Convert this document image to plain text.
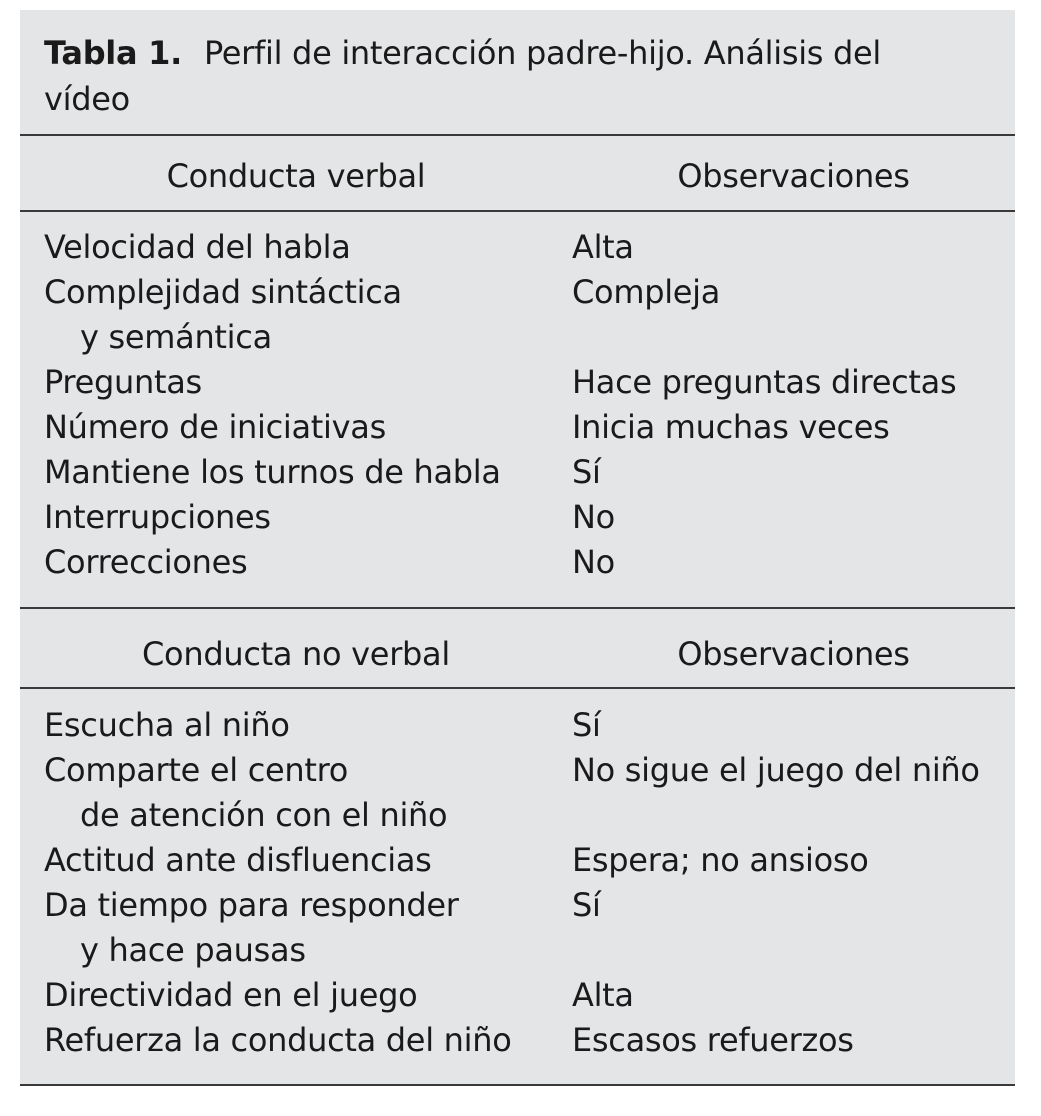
Tabla 1. Perfil de interacción padre-hijo. Análisis del vídeo
Conducta verbal	Observaciones
Velocidad del habla	Alta
Complejidad sintáctica	Compleja
y semántica
Preguntas	Hace preguntas directas
Número de iniciativas	Inicia muchas veces
Mantiene los turnos de habla	Sí
Interrupciones	No
Correcciones	No
Conducta no verbal	Observaciones
Escucha al niño	Sí
Comparte el centro	No sigue el juego del niño
de atención con el niño
Actitud ante disfluencias	Espera; no ansioso
Da tiempo para responder	Sí
y hace pausas
Directividad en el juego	Alta
Refuerza la conducta del niño	Escasos refuerzos
